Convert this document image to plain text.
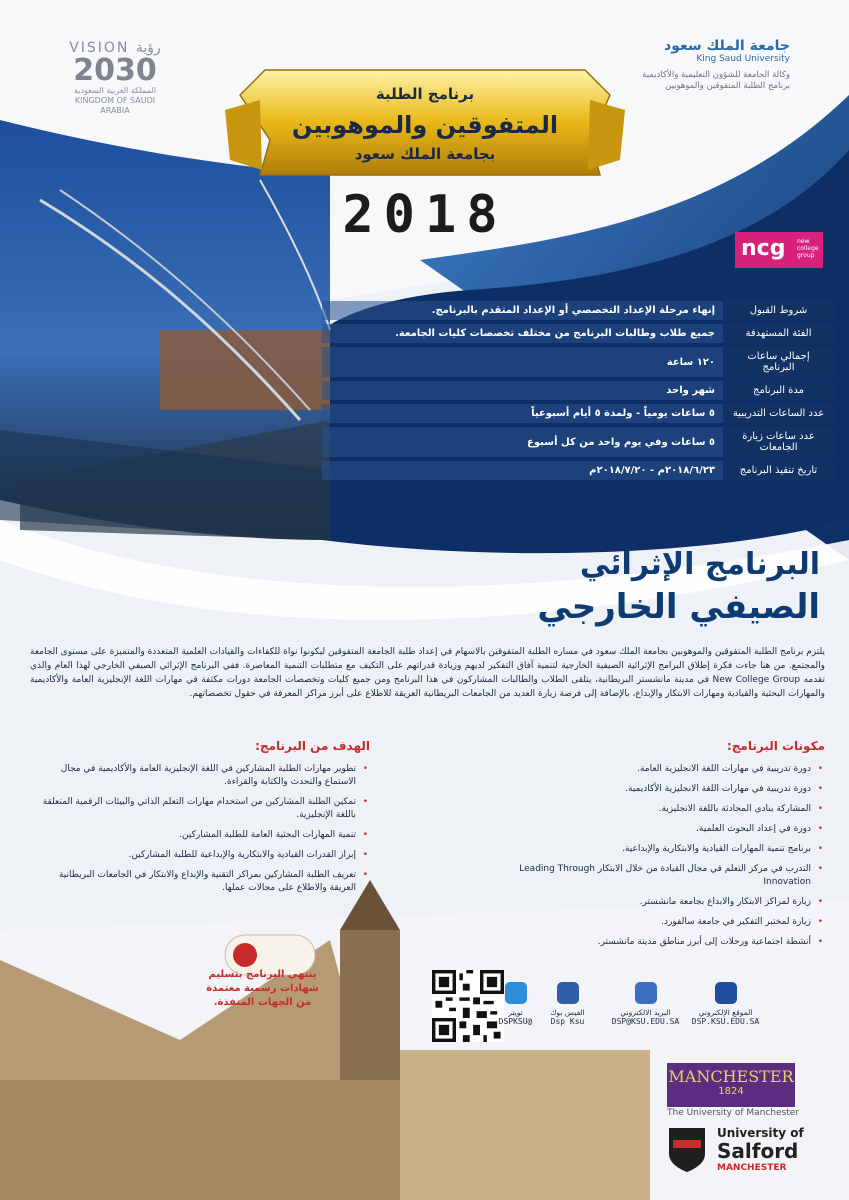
VISION رؤية
2030
المملكة العربية السعودية
KINGDOM OF SAUDI ARABIA
جامعة الملك سعود
King Saud University
وكالة الجامعة للشؤون التعليمية والأكاديمية
برنامج الطلبة المتفوقين والموهوبين
برنامج الطلبة
المتفوقين والموهوبين
بجامعة الملك سعود
2018
ncg new college group
شروط القبول	إنهاء مرحلة الإعداد التخصصي أو الإعداد المتقدم بالبرنامج.
الفئة المستهدفة	جميع طلاب وطالبات البرنامج من مختلف تخصصات كليات الجامعة.
إجمالي ساعات البرنامج	١٢٠ ساعة
مدة البرنامج	شهر واحد
عدد الساعات التدريبية	٥ ساعات يومياً - ولمدة ٥ أيام أسبوعياً
عدد ساعات زيارة الجامعات	٥ ساعات وفي يوم واحد من كل أسبوع
تاريخ تنفيذ البرنامج	٢٠١٨/٦/٢٣م - ٢٠١٨/٧/٢٠م
البرنامج الإثرائي
الصيفي الخارجي
يلتزم برنامج الطلبة المتفوقين والموهوبين بجامعة الملك سعود في مساره الطلبة المتفوقين بالاسهام في إعداد طلبة الجامعة المتفوقين ليكونوا نواة للكفاءات والقيادات العلمية المتعددة والمتميزة على مستوى الجامعة والمجتمع. من هنا جاءت فكرة إطلاق البرامج الإثرائية الصيفية الخارجية لتنمية آفاق التفكير لديهم وزيادة قدراتهم على التكيف مع متطلبات التنمية المعاصرة. ففي البرنامج الإثرائي الصيفي الخارجي لهذا العام والذي تقدمه New College Group في مدينة مانشستر البريطانية، يتلقى الطلاب والطالبات المشاركون في هذا البرنامج ومن جميع كليات وتخصصات الجامعة دورات مكثفة في مهارات اللغة الإنجليزية العامة والأكاديمية والمهارات البحثية والقيادية ومهارات الابتكار والإبداع، بالإضافة إلى فرصة زيارة العديد من الجامعات البريطانية العريقة للاطلاع على أبرز مراكز المعرفة في حقول تخصصاتهم.
الهدف من البرنامج:
• تطوير مهارات الطلبة المشاركين في اللغة الإنجليزية العامة والأكاديمية في مجال الاستماع والتحدث والكتابة والقراءة.
• تمكين الطلبة المشاركين من استخدام مهارات التعلم الذاتي والبيئات الرقمية المتعلقة باللغة الإنجليزية.
• تنمية المهارات البحثية العامة للطلبة المشاركين.
• إبراز القدرات القيادية والابتكارية والإبداعية للطلبة المشاركين.
• تعريف الطلبة المشاركين بمراكز التقنية والإبداع والابتكار في الجامعات البريطانية العريقة والاطلاع على مجالات عملها.
مكونات البرنامج:
• دورة تدريبية في مهارات اللغة الانجليزية العامة.
• دورة تدريبية في مهارات اللغة الانجليزية الأكاديمية.
• المشاركة بنادي المحادثة باللغة الانجليزية.
• دورة في إعداد البحوث العلمية.
• برنامج تنمية المهارات القيادية والابتكارية والإبداعية.
• التدرب في مركز التعلم في مجال القيادة من خلال الابتكار Leading Through Innovation
• زيارة لمراكز الابتكار والابداع بجامعة مانشستر.
• زيارة لمختبر التفكير في جامعة سالفورد.
• أنشطة اجتماعية ورحلات إلى أبرز مناطق مدينة مانشستر.
ينتهي البرنامج بتسليم شهادات رسمية معتمدة من الجهات المنفذة.
تويتر
@DSPKSU
الفيس بوك
Dsp Ksu
البريد الالكتروني
DSP@KSU.EDU.SA
الموقع الإلكتروني
DSP.KSU.EDU.SA
MANCHESTER
1824
The University of Manchester
University of
Salford
MANCHESTER
